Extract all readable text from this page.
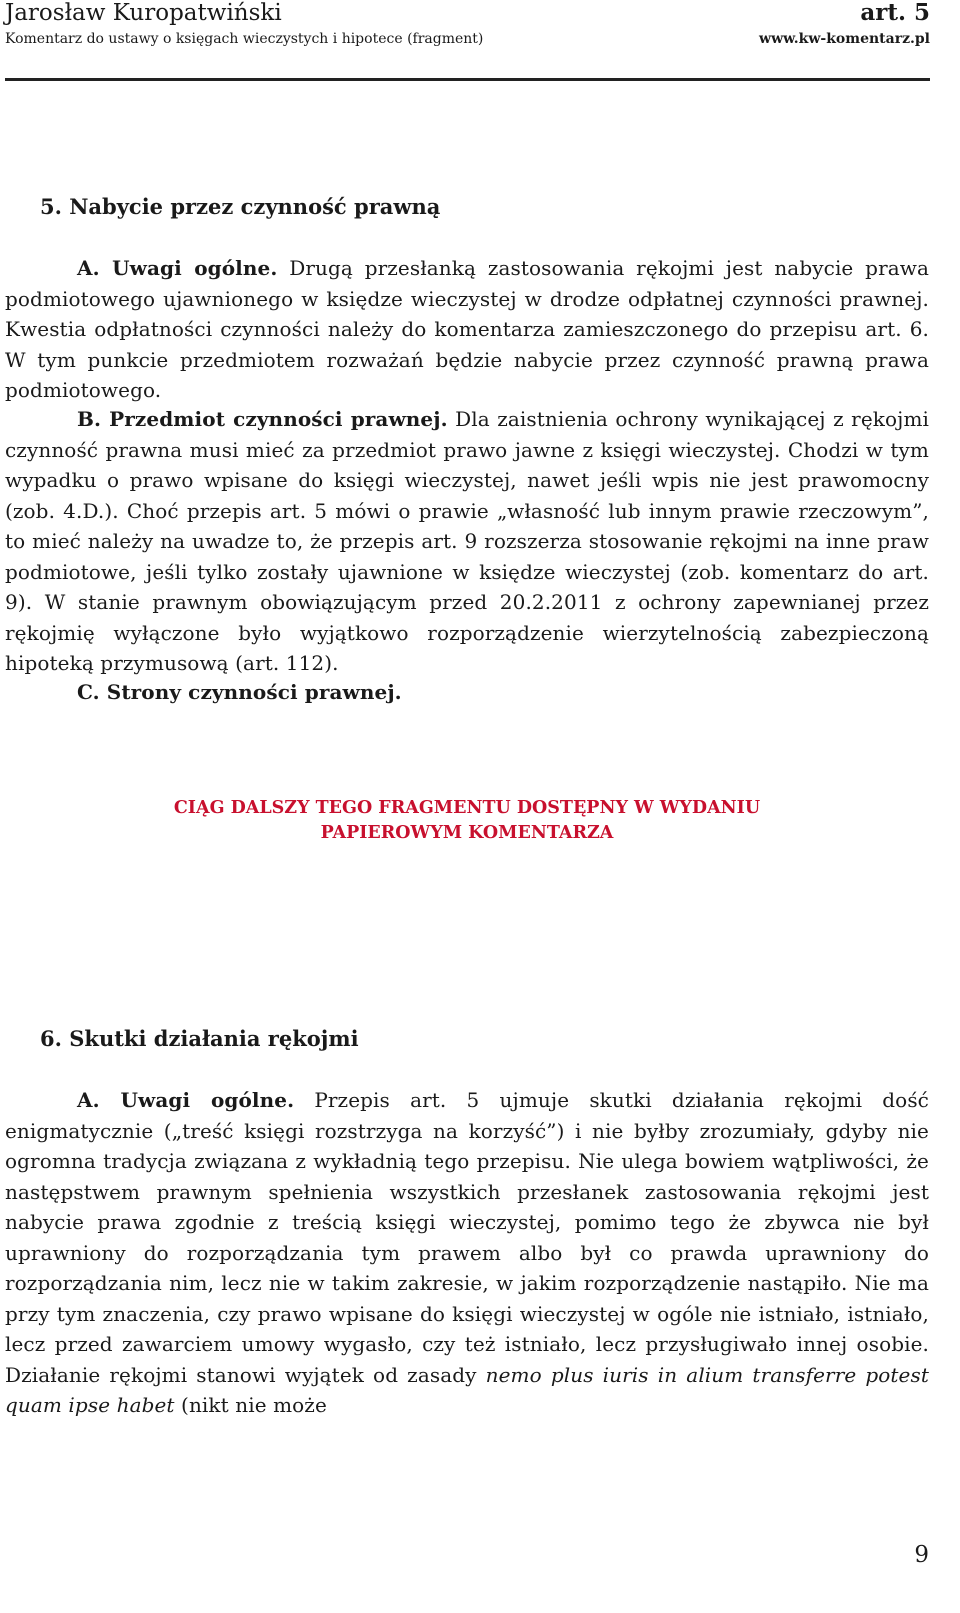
Jarosław Kuropatwiński	art. 5
Komentarz do ustawy o księgach wieczystych i hipotece (fragment)	www.kw-komentarz.pl
5. Nabycie przez czynność prawną
A. Uwagi ogólne. Drugą przesłanką zastosowania rękojmi jest nabycie prawa podmiotowego ujawnionego w księdze wieczystej w drodze odpłatnej czynności prawnej. Kwestia odpłatności czynności należy do komentarza zamieszczonego do przepisu art. 6. W tym punkcie przedmiotem rozważań będzie nabycie przez czynność prawną prawa podmiotowego.
B. Przedmiot czynności prawnej. Dla zaistnienia ochrony wynikającej z rękojmi czynność prawna musi mieć za przedmiot prawo jawne z księgi wieczystej. Chodzi w tym wypadku o prawo wpisane do księgi wieczystej, nawet jeśli wpis nie jest prawomocny (zob. 4.D.). Choć przepis art. 5 mówi o prawie „własność lub innym prawie rzeczowym”, to mieć należy na uwadze to, że przepis art. 9 rozszerza stosowanie rękojmi na inne praw podmiotowe, jeśli tylko zostały ujawnione w księdze wieczystej (zob. komentarz do art. 9). W stanie prawnym obowiązującym przed 20.2.2011 z ochrony zapewnianej przez rękojmię wyłączone było wyjątkowo rozporządzenie wierzytelnością zabezpieczoną hipoteką przymusową (art. 112).
C. Strony czynności prawnej.
CIĄG DALSZY TEGO FRAGMENTU DOSTĘPNY W WYDANIU
PAPIEROWYM KOMENTARZA
6. Skutki działania rękojmi
A. Uwagi ogólne. Przepis art. 5 ujmuje skutki działania rękojmi dość enigmatycznie („treść księgi rozstrzyga na korzyść”) i nie byłby zrozumiały, gdyby nie ogromna tradycja związana z wykładnią tego przepisu. Nie ulega bowiem wątpliwości, że następstwem prawnym spełnienia wszystkich przesłanek zastosowania rękojmi jest nabycie prawa zgodnie z treścią księgi wieczystej, pomimo tego że zbywca nie był uprawniony do rozporządzania tym prawem albo był co prawda uprawniony do rozporządzania nim, lecz nie w takim zakresie, w jakim rozporządzenie nastąpiło. Nie ma przy tym znaczenia, czy prawo wpisane do księgi wieczystej w ogóle nie istniało, istniało, lecz przed zawarciem umowy wygasło, czy też istniało, lecz przysługiwało innej osobie. Działanie rękojmi stanowi wyjątek od zasady nemo plus iuris in alium transferre potest quam ipse habet (nikt nie może
9
